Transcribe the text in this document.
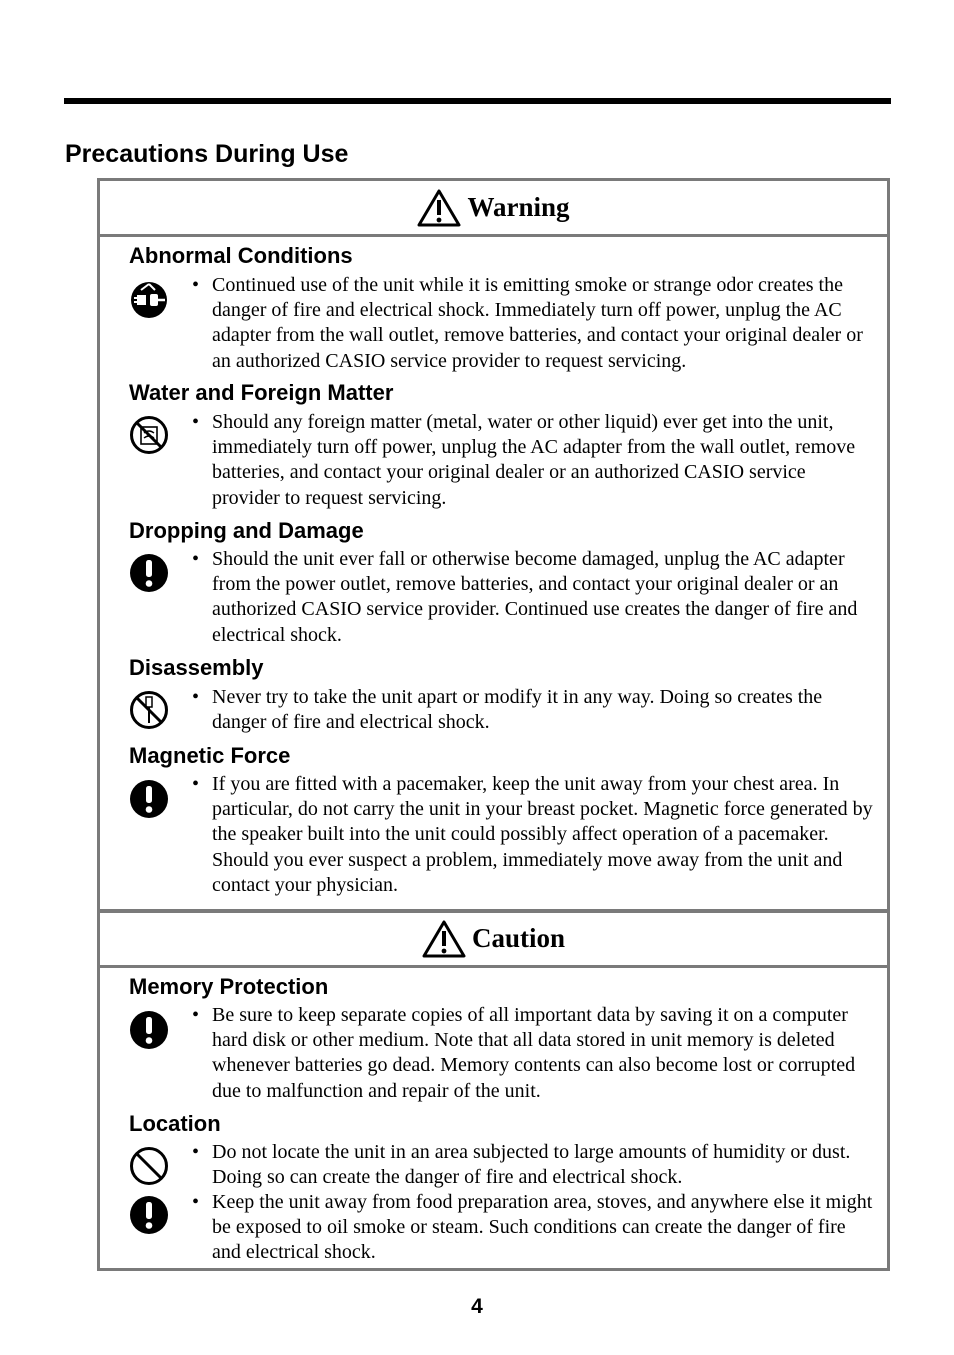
Precautions During Use
Warning
Abnormal Conditions
• Continued use of the unit while it is emitting smoke or strange odor creates the danger of fire and electrical shock. Immediately turn off power, unplug the AC adapter from the wall outlet, remove batteries, and contact your original dealer or an authorized CASIO service provider to request servicing.
Water and Foreign Matter
• Should any foreign matter (metal, water or other liquid) ever get into the unit, immediately turn off power, unplug the AC adapter from the wall outlet, remove batteries, and contact your original dealer or an authorized CASIO service provider to request servicing.
Dropping and Damage
• Should the unit ever fall or otherwise become damaged, unplug the AC adapter from the power outlet, remove batteries, and contact your original dealer or an authorized CASIO service provider. Continued use creates the danger of fire and electrical shock.
Disassembly
• Never try to take the unit apart or modify it in any way. Doing so creates the danger of fire and electrical shock.
Magnetic Force
• If you are fitted with a pacemaker, keep the unit away from your chest area. In particular, do not carry the unit in your breast pocket. Magnetic force generated by the speaker built into the unit could possibly affect operation of a pacemaker. Should you ever suspect a problem, immediately move away from the unit and contact your physician.
Caution
Memory Protection
• Be sure to keep separate copies of all important data by saving it on a computer hard disk or other medium. Note that all data stored in unit memory is deleted whenever batteries go dead. Memory contents can also become lost or corrupted due to malfunction and repair of the unit.
Location
• Do not locate the unit in an area subjected to large amounts of humidity or dust. Doing so can create the danger of fire and electrical shock.
• Keep the unit away from food preparation area, stoves, and anywhere else it might be exposed to oil smoke or steam. Such conditions can create the danger of fire and electrical shock.
4
